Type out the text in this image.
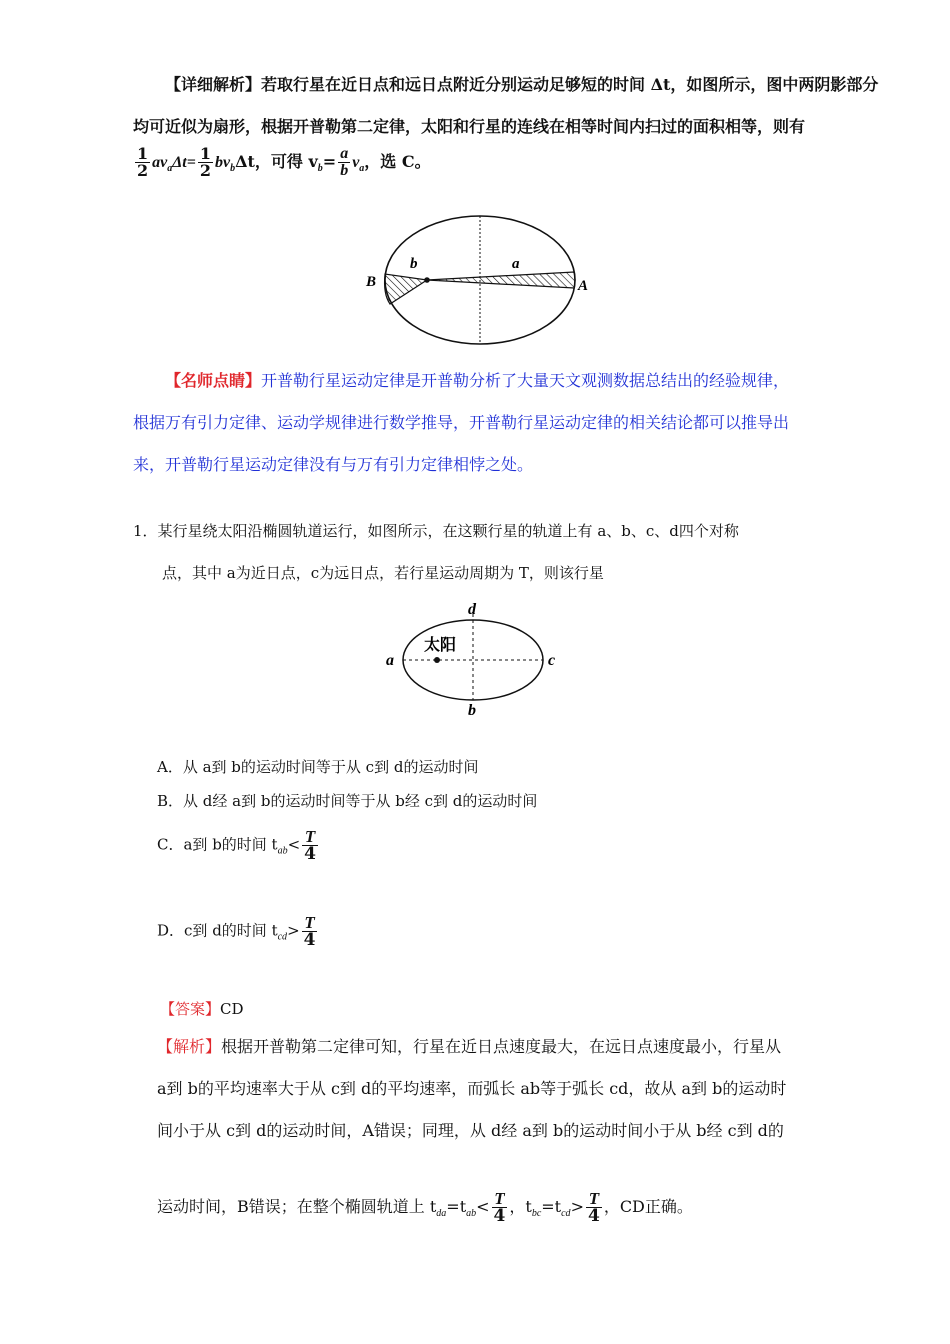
【详细解析】若取行星在近日点和远日点附近分别运动足够短的时间 Δt，如图所示，图中两阴影部分
均可近似为扇形，根据开普勒第二定律，太阳和行星的连线在相等时间内扫过的面积相等，则有
$\frac{1}{2} av_a\Delta t= \frac{1}{2} bv_b\Delta t$，可得 $v_b= \frac{a}{b} v_a$，选 C。
B	A
b	a
【名师点睛】开普勒行星运动定律是开普勒分析了大量天文观测数据总结出的经验规律，
根据万有引力定律、运动学规律进行数学推导，开普勒行星运动定律的相关结论都可以推导出
来，开普勒行星运动定律没有与万有引力定律相悖之处。
1．某行星绕太阳沿椭圆轨道运行，如图所示，在这颗行星的轨道上有 a、b、c、d四个对称
点，其中 a为近日点，c为远日点，若行星运动周期为 T，则该行星
太阳
a	c
d
b
A．从 a到 b的运动时间等于从 c到 d的运动时间
B．从 d经 a到 b的运动时间等于从 b经 c到 d的运动时间
C．a到 b的时间 $t_{ab}< \frac{T}{4}$
D．c到 d的时间 $t_{cd}> \frac{T}{4}$
【答案】CD
【解析】根据开普勒第二定律可知，行星在近日点速度最大，在远日点速度最小，行星从
a到 b的平均速率大于从 c到 d的平均速率，而弧长 ab等于弧长 cd，故从 a到 b的运动时
间小于从 c到 d的运动时间，A错误；同理，从 d经 a到 b的运动时间小于从 b经 c到 d的
运动时间，B错误；在整个椭圆轨道上 $t_{da}=t_{ab}< \frac{T}{4}$ ，$t_{bc}=t_{cd}> \frac{T}{4}$ ，CD正确。
